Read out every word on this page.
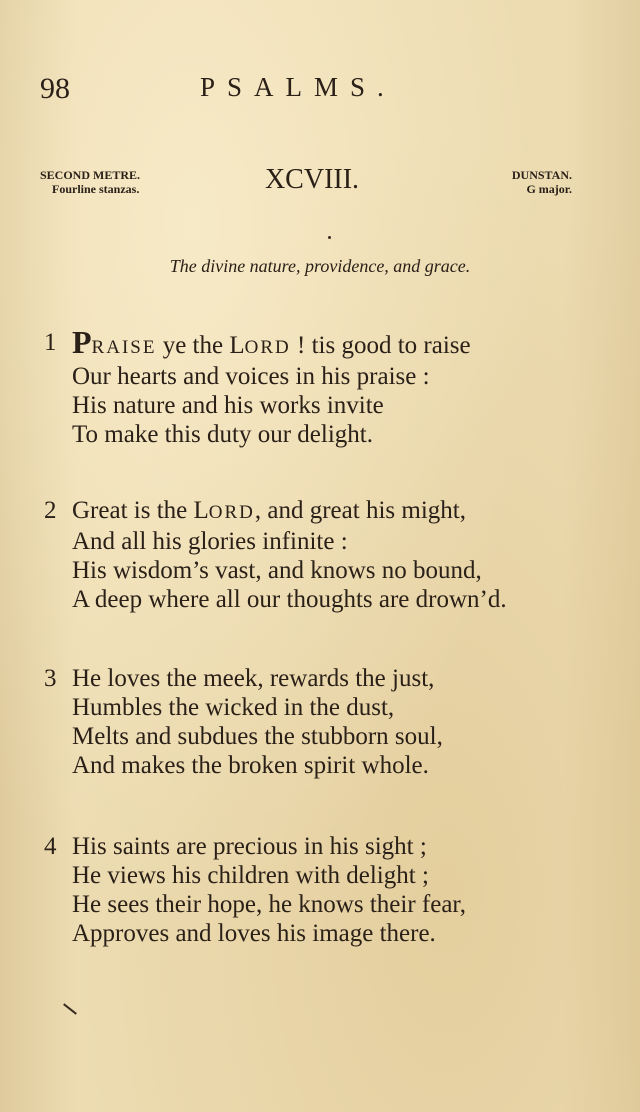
98	PSALMS.
SECOND METRE.
Fourline stanzas.	XCVIII.	DUNSTAN.
G major.
The divine nature, providence, and grace.
1 PRAISE ye the LORD ! tis good to raise
Our hearts and voices in his praise :
His nature and his works invite
To make this duty our delight.
2 Great is the LORD, and great his might,
And all his glories infinite :
His wisdom’s vast, and knows no bound,
A deep where all our thoughts are drown’d.
3 He loves the meek, rewards the just,
Humbles the wicked in the dust,
Melts and subdues the stubborn soul,
And makes the broken spirit whole.
4 His saints are precious in his sight ;
He views his children with delight ;
He sees their hope, he knows their fear,
Approves and loves his image there.
